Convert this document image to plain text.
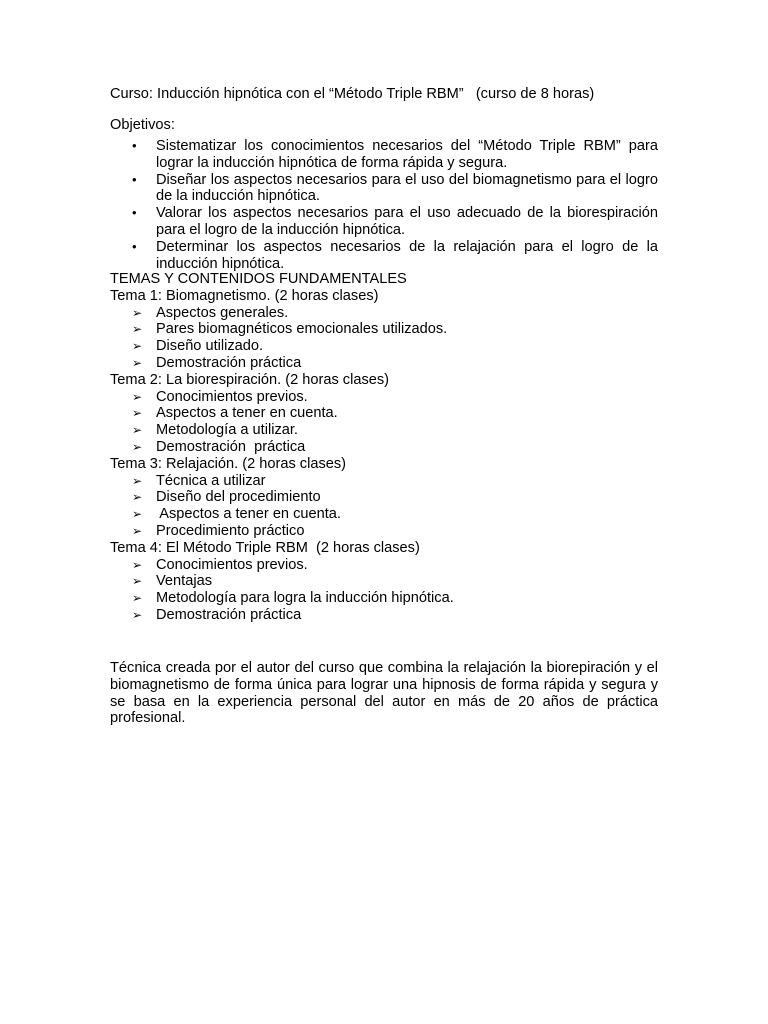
Curso: Inducción hipnótica con el “Método Triple RBM”   (curso de 8 horas)
Objetivos:
• Sistematizar los conocimientos necesarios del “Método Triple RBM” para lograr la inducción hipnótica de forma rápida y segura.
• Diseñar los aspectos necesarios para el uso del biomagnetismo para el logro de la inducción hipnótica.
• Valorar los aspectos necesarios para el uso adecuado de la biorespiración para el logro de la inducción hipnótica.
• Determinar los aspectos necesarios de la relajación para el logro de la inducción hipnótica.
TEMAS Y CONTENIDOS FUNDAMENTALES
Tema 1: Biomagnetismo. (2 horas clases)
➢ Aspectos generales.
➢ Pares biomagnéticos emocionales utilizados.
➢ Diseño utilizado.
➢ Demostración práctica
Tema 2: La biorespiración. (2 horas clases)
➢ Conocimientos previos.
➢ Aspectos a tener en cuenta.
➢ Metodología a utilizar.
➢ Demostración  práctica
Tema 3: Relajación. (2 horas clases)
➢ Técnica a utilizar
➢ Diseño del procedimiento
➢ Aspectos a tener en cuenta.
➢ Procedimiento práctico
Tema 4: El Método Triple RBM  (2 horas clases)
➢ Conocimientos previos.
➢ Ventajas
➢ Metodología para logra la inducción hipnótica.
➢ Demostración práctica
Técnica creada por el autor del curso que combina la relajación la biorepiración y el biomagnetismo de forma única para lograr una hipnosis de forma rápida y segura y se basa en la experiencia personal del autor en más de 20 años de práctica   profesional.
